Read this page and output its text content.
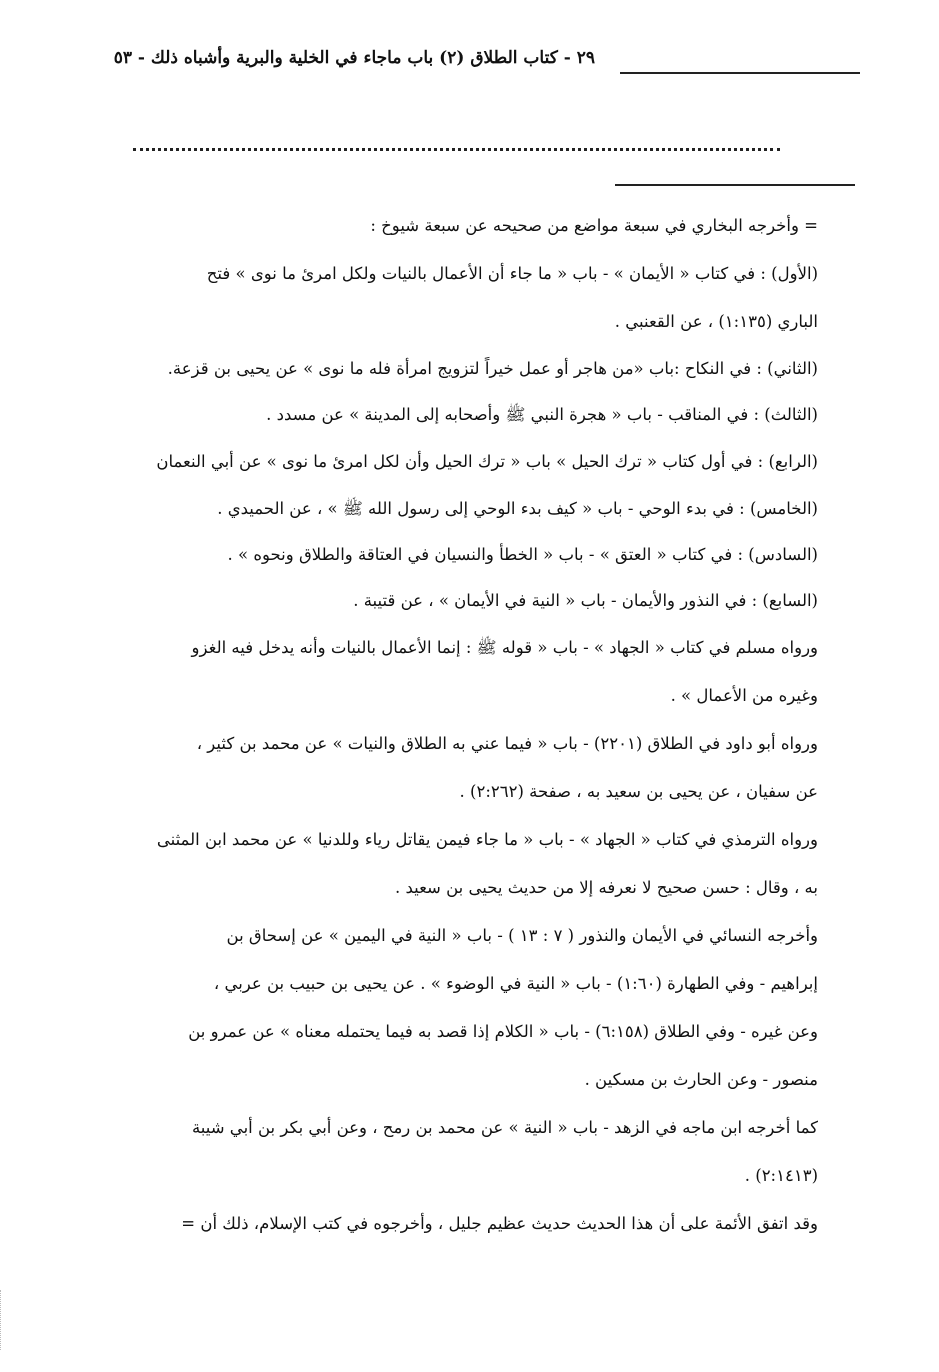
٢٩ - كتاب الطلاق (٢) باب ماجاء في الخلية والبرية وأشباه ذلك - ٥٣
= وأخرجه البخاري في سبعة مواضع من صحيحه عن سبعة شيوخ :
(الأول) : في كتاب « الأيمان » - باب « ما جاء أن الأعمال بالنيات ولكل امرئ ما نوى » فتح
الباري (١:١٣٥) ، عن القعنبي .
(الثاني) : في النكاح :باب «من هاجر أو عمل خيراً لتزويج امرأة فله ما نوى » عن يحيى بن قزعة.
(الثالث) : في المناقب - باب « هجرة النبي ﷺ وأصحابه إلى المدينة » عن مسدد .
(الرابع) : في أول كتاب « ترك الحيل » باب « ترك الحيل وأن لكل امرئ ما نوى » عن أبي النعمان
(الخامس) : في بدء الوحي - باب « كيف بدء الوحي إلى رسول الله ﷺ » ، عن الحميدي .
(السادس) : في كتاب « العتق » - باب « الخطأ والنسيان في العتاقة والطلاق ونحوه » .
(السابع) : في النذور والأيمان - باب « النية في الأيمان » ، عن قتيبة .
ورواه مسلم في كتاب « الجهاد » - باب « قوله ﷺ : إنما الأعمال بالنيات وأنه يدخل فيه الغزو
وغيره من الأعمال » .
ورواه أبو داود في الطلاق (٢٢٠١) - باب « فيما عني به الطلاق والنيات » عن محمد بن كثير ،
عن سفيان ، عن يحيى بن سعيد به ، صفحة (٢:٢٦٢) .
ورواه الترمذي في كتاب « الجهاد » - باب « ما جاء فيمن يقاتل رياء وللدنيا » عن محمد ابن المثنى
به ، وقال : حسن صحيح لا نعرفه إلا من حديث يحيى بن سعيد .
وأخرجه النسائي في الأيمان والنذور ( ٧ : ١٣ ) - باب « النية في اليمين » عن إسحاق بن
إبراهيم - وفي الطهارة (١:٦٠) - باب « النية في الوضوء » . عن يحيى بن حبيب بن عربي ،
وعن غيره - وفي الطلاق (٦:١٥٨) - باب « الكلام إذا قصد به فيما يحتمله معناه » عن عمرو بن
منصور - وعن الحارث بن مسكين .
كما أخرجه ابن ماجه في الزهد - باب « النية » عن محمد بن رمح ، وعن أبي بكر بن أبي شيبة
(٢:١٤١٣) .
وقد اتفق الأئمة على أن هذا الحديث حديث عظيم جليل ، وأخرجوه في كتب الإسلام، ذلك أن =
